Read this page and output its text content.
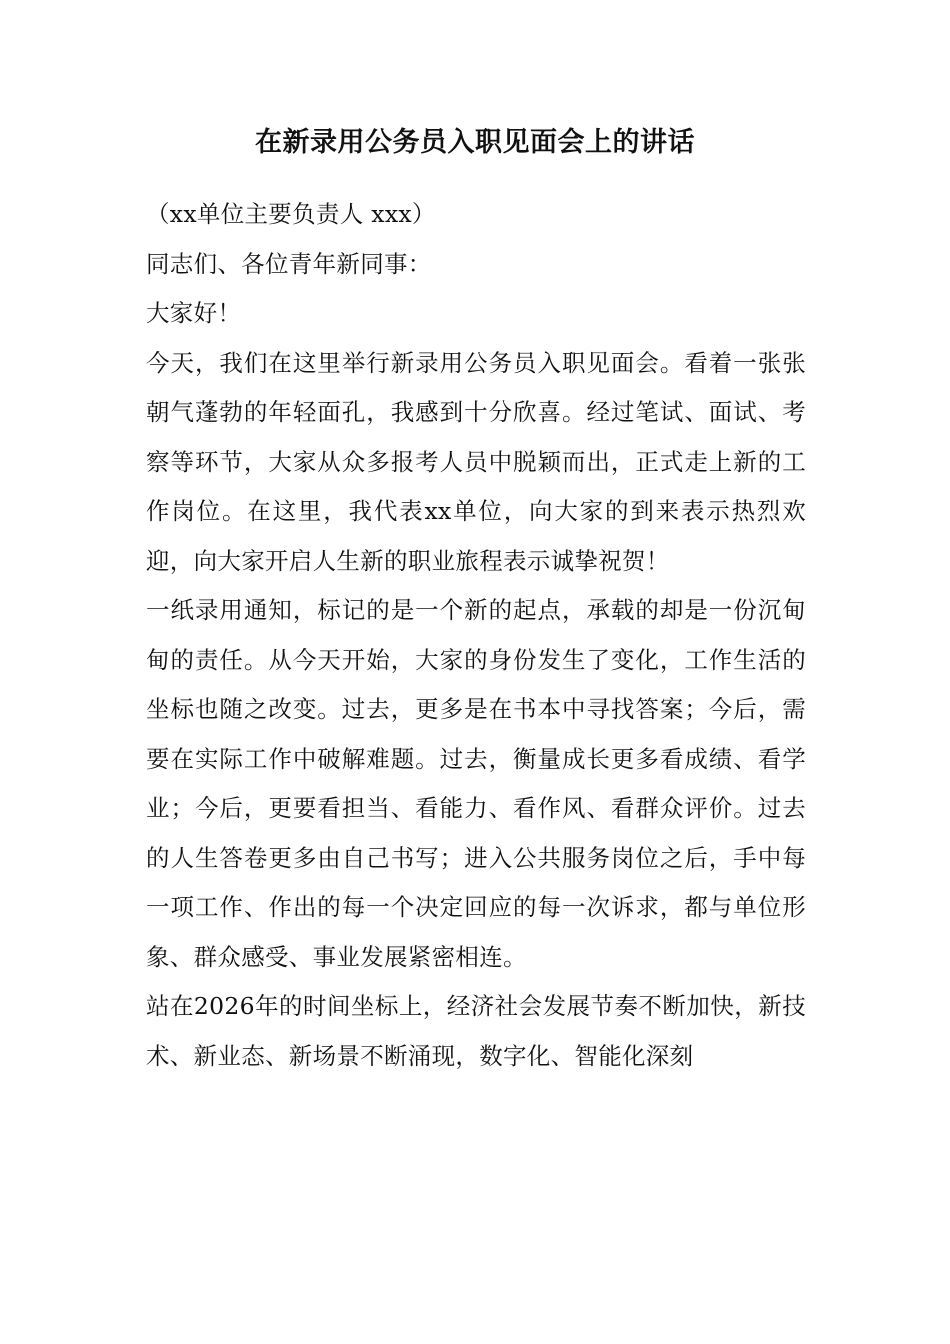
在新录用公务员入职见面会上的讲话

（xx单位主要负责人 xxx）

同志们、各位青年新同事：

大家好！

今天，我们在这里举行新录用公务员入职见面会。看着一张张朝气蓬勃的年轻面孔，我感到十分欣喜。经过笔试、面试、考察等环节，大家从众多报考人员中脱颖而出，正式走上新的工作岗位。在这里，我代表xx单位，向大家的到来表示热烈欢迎，向大家开启人生新的职业旅程表示诚挚祝贺！

一纸录用通知，标记的是一个新的起点，承载的却是一份沉甸甸的责任。从今天开始，大家的身份发生了变化，工作生活的坐标也随之改变。过去，更多是在书本中寻找答案；今后，需要在实际工作中破解难题。过去，衡量成长更多看成绩、看学业；今后，更要看担当、看能力、看作风、看群众评价。过去的人生答卷更多由自己书写；进入公共服务岗位之后，手中每一项工作、作出的每一个决定回应的每一次诉求，都与单位形象、群众感受、事业发展紧密相连。

站在2026年的时间坐标上，经济社会发展节奏不断加快，新技术、新业态、新场景不断涌现，数字化、智能化深刻
